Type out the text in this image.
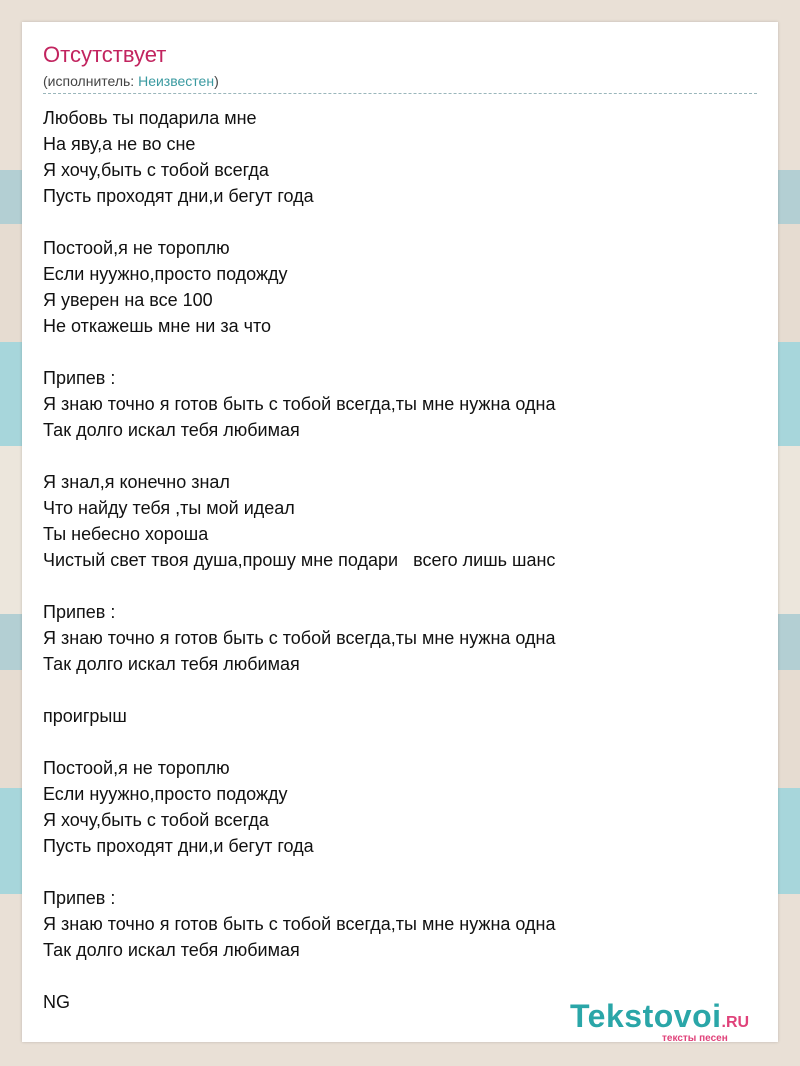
Отсутствует
(исполнитель: Неизвестен)
Любовь ты подарила мне
На яву,а не во сне
Я хочу,быть с тобой всегда
Пусть проходят дни,и бегут года

Постоой,я не тороплю
Если нуужно,просто подожду
Я уверен на все 100
Не откажешь мне ни за что

Припев :
Я знаю точно я готов быть с тобой всегда,ты мне нужна одна
Так долго искал тебя любимая

Я знал,я конечно знал
Что найду тебя ,ты мой идеал
Ты небесно хороша
Чистый свет твоя душа,прошу мне подари   всего лишь шанс

Припев :
Я знаю точно я готов быть с тобой всегда,ты мне нужна одна
Так долго искал тебя любимая

проигрыш

Постоой,я не тороплю
Если нуужно,просто подожду
Я хочу,быть с тобой всегда
Пусть проходят дни,и бегут года

Припев :
Я знаю точно я готов быть с тобой всегда,ты мне нужна одна
Так долго искал тебя любимая

NG	Tekstovoi.RU
тексты песен
